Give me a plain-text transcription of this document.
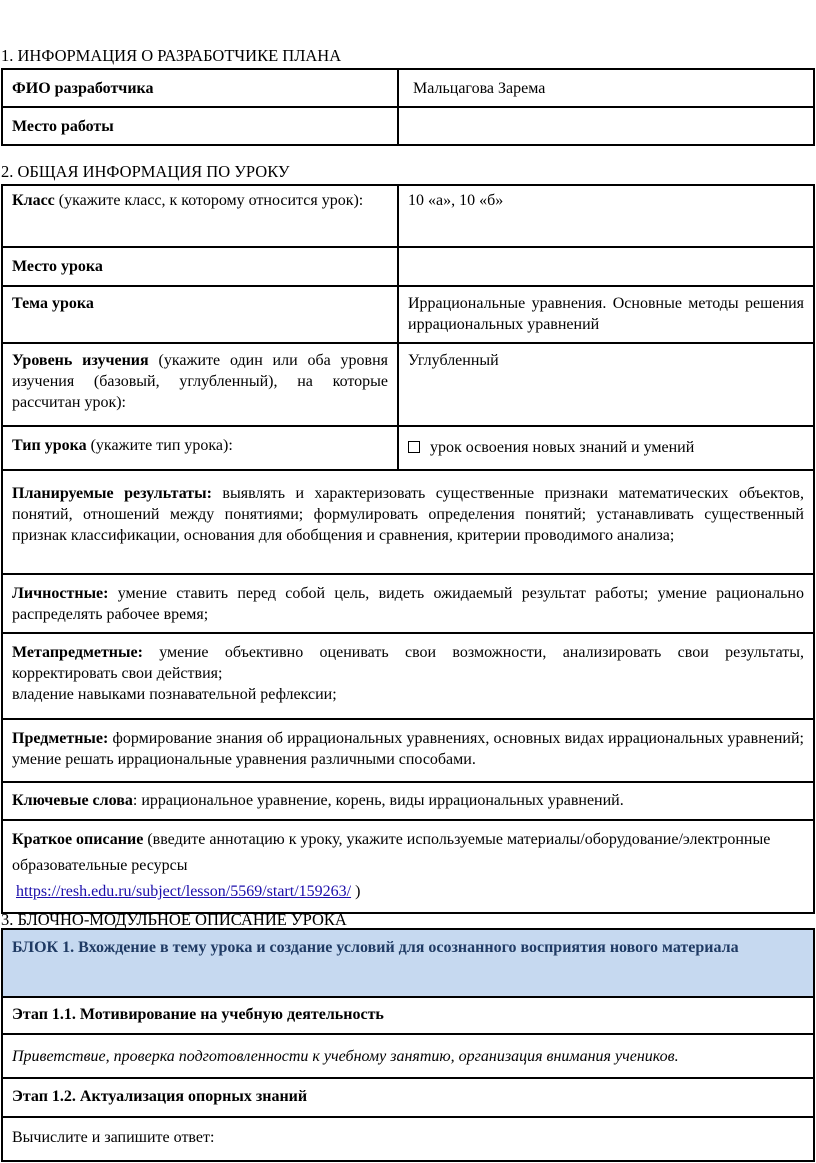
1. ИНФОРМАЦИЯ О РАЗРАБОТЧИКЕ ПЛАНА
ФИО разработчика	Мальцагова Зарема
Место работы	
2. ОБЩАЯ ИНФОРМАЦИЯ ПО УРОКУ
Класс (укажите класс, к которому относится урок):	10 «а», 10 «б»
Место урока	
Тема урока	Иррациональные уравнения. Основные методы решения иррациональных уравнений
Уровень изучения (укажите один или оба уровня изучения (базовый, углубленный), на которые рассчитан урок):	Углубленный
Тип урока (укажите тип урока):	урок освоения новых знаний и умений
Планируемые результаты: выявлять и характеризовать существенные признаки математических объектов, понятий, отношений между понятиями; формулировать определения понятий; устанавливать существенный признак классификации, основания для обобщения и сравнения, критерии проводимого анализа;	
Личностные: умение ставить перед собой цель, видеть ожидаемый результат работы; умение рационально распределять рабочее время;	
Метапредметные: умение объективно оценивать свои возможности, анализировать свои результаты, корректировать свои действия;
владение навыками познавательной рефлексии;	
Предметные: формирование знания об иррациональных уравнениях, основных видах иррациональных уравнений; умение решать иррациональные уравнения различными способами.	
Ключевые слова: иррациональное уравнение, корень, виды иррациональных уравнений.	
Краткое описание (введите аннотацию к уроку, укажите используемые материалы/оборудование/электронные образовательные ресурсы
https://resh.edu.ru/subject/lesson/5569/start/159263/ )	
3. БЛОЧНО-МОДУЛЬНОЕ ОПИСАНИЕ УРОКА
БЛОК 1. Вхождение в тему урока и создание условий для осознанного восприятия нового материала
Этап 1.1. Мотивирование на учебную деятельность
Приветствие, проверка подготовленности к учебному занятию, организация внимания учеников.
Этап 1.2. Актуализация опорных знаний
Вычислите и запишите ответ:
